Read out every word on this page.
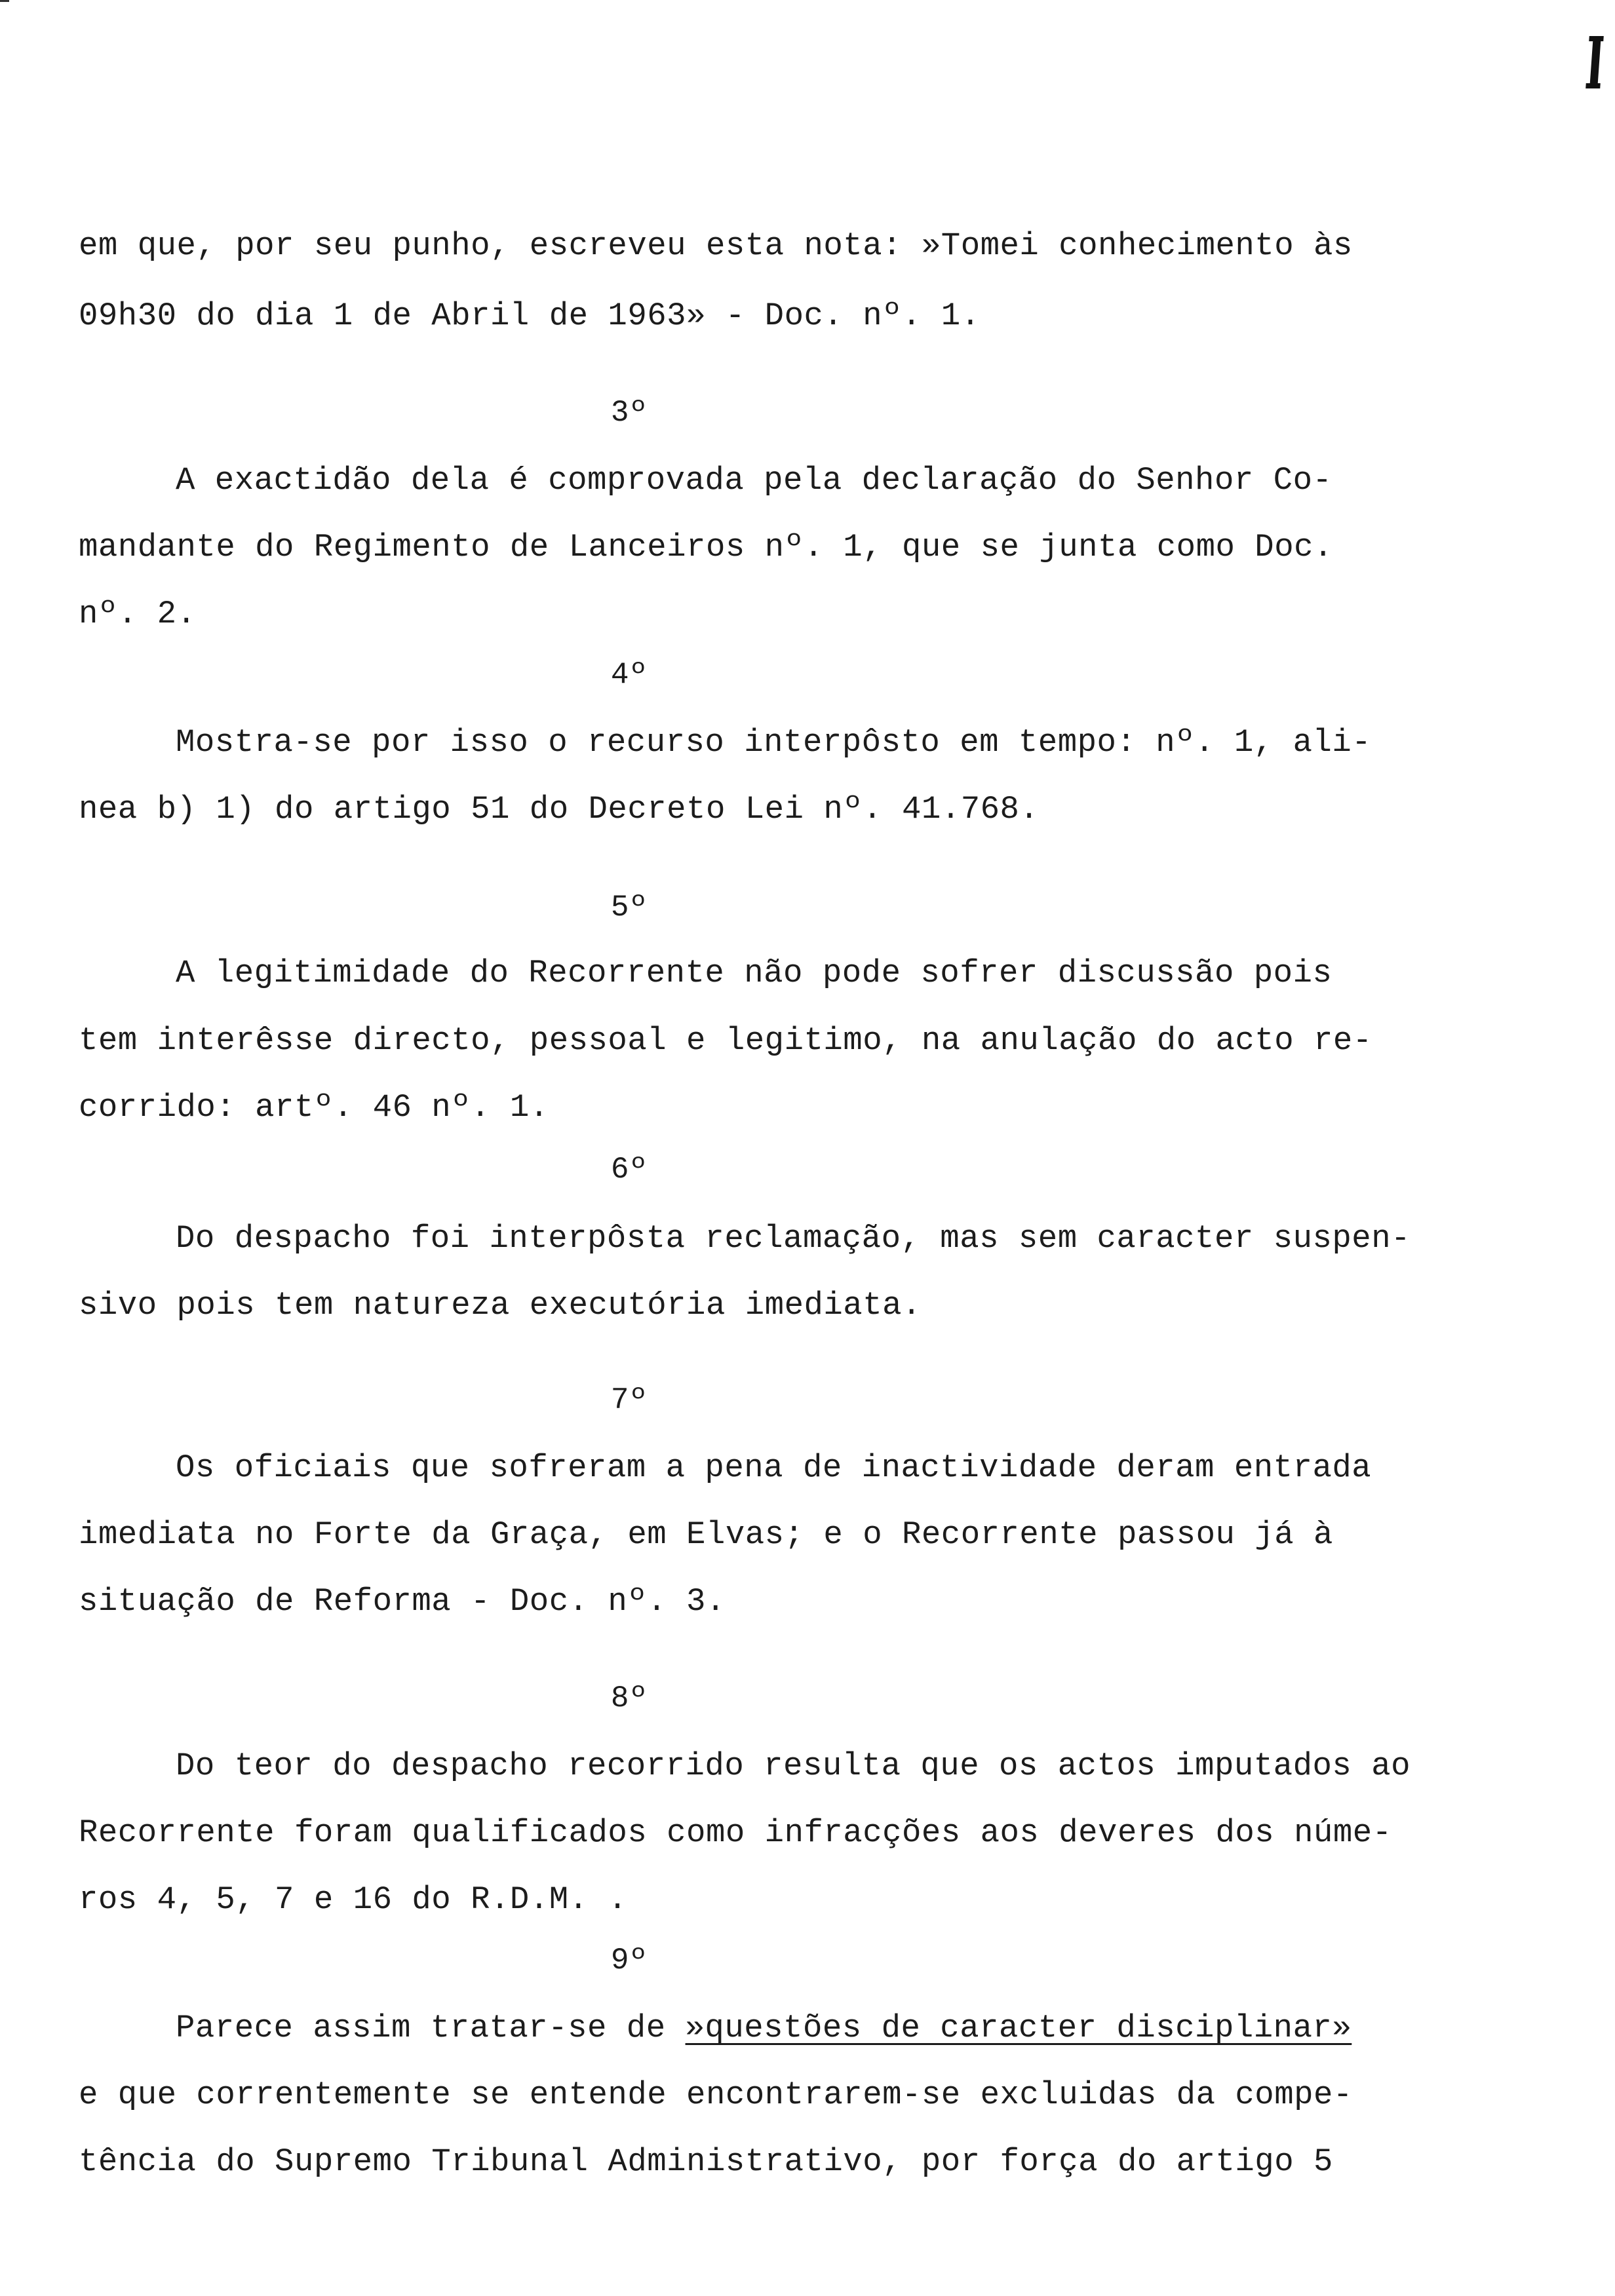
em que, por seu punho, escreveu esta nota: »Tomei conhecimento às
09h30 do dia 1 de Abril de 1963» - Doc. nº. 1.
3º
A exactidão dela é comprovada pela declaração do Senhor Co-
mandante do Regimento de Lanceiros nº. 1, que se junta como Doc.
nº. 2.
4º
Mostra-se por isso o recurso interpôsto em tempo: nº. 1, ali-
nea b) 1) do artigo 51 do Decreto Lei nº. 41.768.
5º
A legitimidade do Recorrente não pode sofrer discussão pois
tem interêsse directo, pessoal e legitimo, na anulação do acto re-
corrido: artº. 46 nº. 1.
6º
Do despacho foi interpôsta reclamação, mas sem caracter suspen-
sivo pois tem natureza executória imediata.
7º
Os oficiais que sofreram a pena de inactividade deram entrada
imediata no Forte da Graça, em Elvas; e o Recorrente passou já à
situação de Reforma - Doc. nº. 3.
8º
Do teor do despacho recorrido resulta que os actos imputados ao
Recorrente foram qualificados como infracções aos deveres dos núme-
ros 4, 5, 7 e 16 do R.D.M. .
9º
Parece assim tratar-se de »questões de caracter disciplinar»
e que correntemente se entende encontrarem-se excluidas da compe-
tência do Supremo Tribunal Administrativo, por força do artigo 5
